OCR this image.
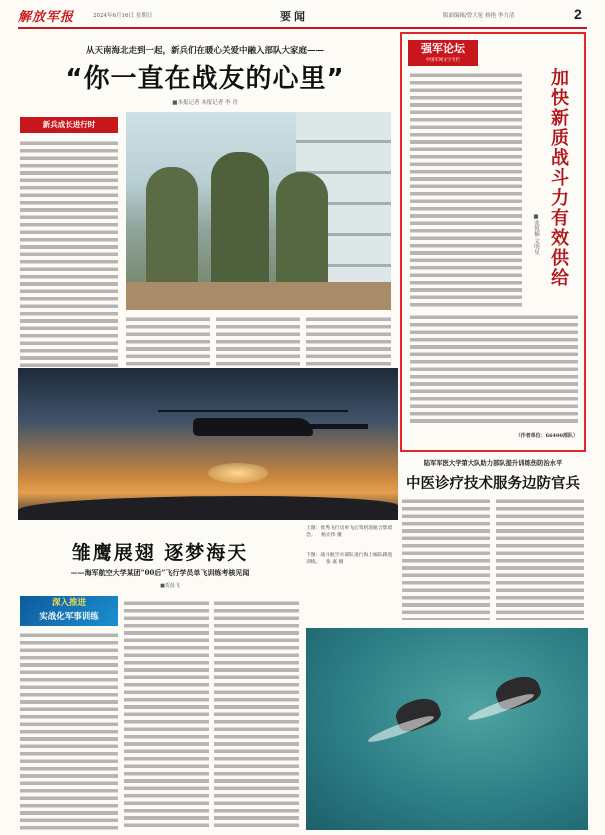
解放军报	2024年6月16日 星期日	要闻	版面编辑/曾大伦 杨艳 李力清	2
从天南海北走到一起，新兵们在暖心关爱中融入部队大家庭——
“你一直在战友的心里”
■本报记者 本报记者 李 青
新兵成长进行时
强军论坛
中国军网文字专栏
加快新质战斗力有效供给
■张锐楠 文明星
（作者单位：66400部队）
陆军军医大学第大队助力部队提升训练伤防治水平
中医诊疗技术服务边防官兵
上图：优秀飞行员单飞后驾机返航合影留念。 杨宏伟 摄
下图：战斗航空兵部队进行海上编队跟进训练。 张 嘉 摄
雏鹰展翅 逐梦海天
——海军航空大学某团“00后”飞行学员单飞训练考核见闻
■贺晨飞
深入推进
实战化军事训练
